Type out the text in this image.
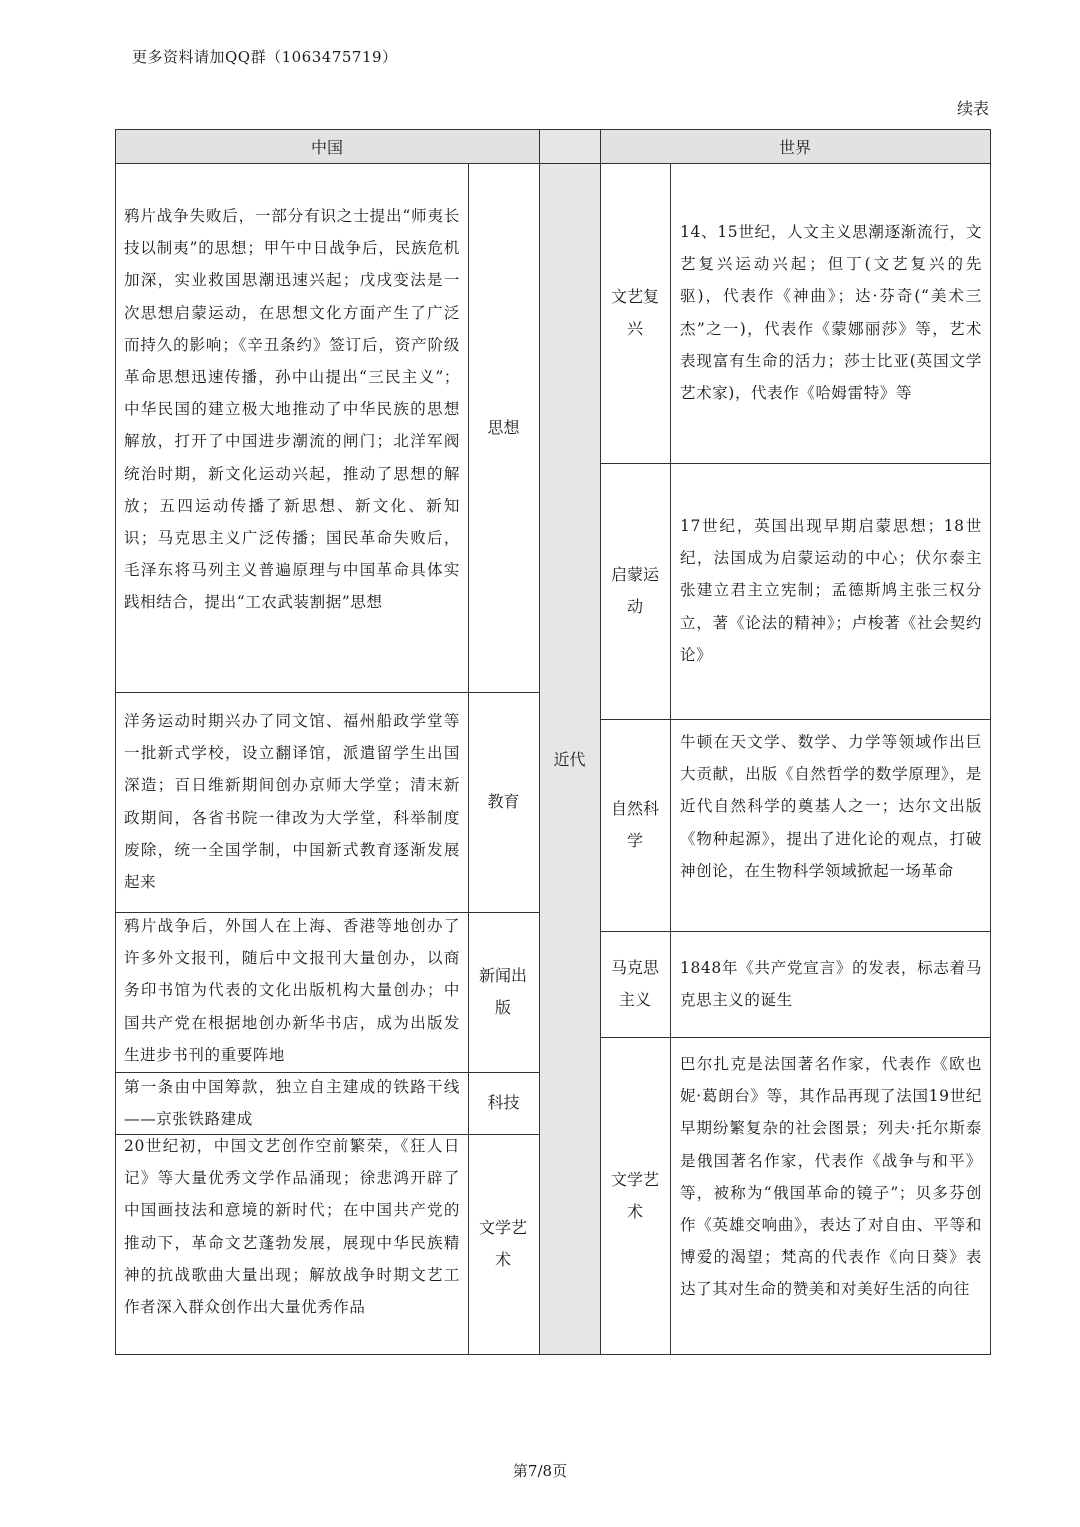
更多资料请加QQ群（1063475719）
续表
中国	世界
近代
鸦片战争失败后，一部分有识之士提出“师夷长技以制夷”的思想；甲午中日战争后，民族危机加深，实业救国思潮迅速兴起；戊戌变法是一次思想启蒙运动，在思想文化方面产生了广泛而持久的影响；《辛丑条约》签订后，资产阶级革命思想迅速传播，孙中山提出“三民主义”；中华民国的建立极大地推动了中华民族的思想解放，打开了中国进步潮流的闸门；北洋军阀统治时期，新文化运动兴起，推动了思想的解放；五四运动传播了新思想、新文化、新知识；马克思主义广泛传播；国民革命失败后，毛泽东将马列主义普遍原理与中国革命具体实践相结合，提出“工农武装割据”思想
思想
洋务运动时期兴办了同文馆、福州船政学堂等一批新式学校，设立翻译馆，派遣留学生出国深造；百日维新期间创办京师大学堂；清末新政期间，各省书院一律改为大学堂，科举制度废除，统一全国学制，中国新式教育逐渐发展起来
教育
鸦片战争后，外国人在上海、香港等地创办了许多外文报刊，随后中文报刊大量创办，以商务印书馆为代表的文化出版机构大量创办；中国共产党在根据地创办新华书店，成为出版发生进步书刊的重要阵地
新闻出版
第一条由中国筹款，独立自主建成的铁路干线——京张铁路建成
科技
20世纪初，中国文艺创作空前繁荣，《狂人日记》等大量优秀文学作品涌现；徐悲鸿开辟了中国画技法和意境的新时代；在中国共产党的推动下，革命文艺蓬勃发展，展现中华民族精神的抗战歌曲大量出现；解放战争时期文艺工作者深入群众创作出大量优秀作品
文学艺术
文艺复兴
14、15世纪，人文主义思潮逐渐流行，文艺复兴运动兴起；但丁(文艺复兴的先驱)，代表作《神曲》；达·芬奇(“美术三杰”之一)，代表作《蒙娜丽莎》等，艺术表现富有生命的活力；莎士比亚(英国文学艺术家)，代表作《哈姆雷特》等
启蒙运动
17世纪，英国出现早期启蒙思想；18世纪，法国成为启蒙运动的中心；伏尔泰主张建立君主立宪制；孟德斯鸠主张三权分立，著《论法的精神》；卢梭著《社会契约论》
自然科学
牛顿在天文学、数学、力学等领域作出巨大贡献，出版《自然哲学的数学原理》，是近代自然科学的奠基人之一；达尔文出版《物种起源》，提出了进化论的观点，打破神创论，在生物科学领域掀起一场革命
马克思主义
1848年《共产党宣言》的发表，标志着马克思主义的诞生
文学艺术
巴尔扎克是法国著名作家，代表作《欧也妮·葛朗台》等，其作品再现了法国19世纪早期纷繁复杂的社会图景；列夫·托尔斯泰是俄国著名作家，代表作《战争与和平》等，被称为“俄国革命的镜子”；贝多芬创作《英雄交响曲》，表达了对自由、平等和博爱的渴望；梵高的代表作《向日葵》表达了其对生命的赞美和对美好生活的向往
第7/8页
